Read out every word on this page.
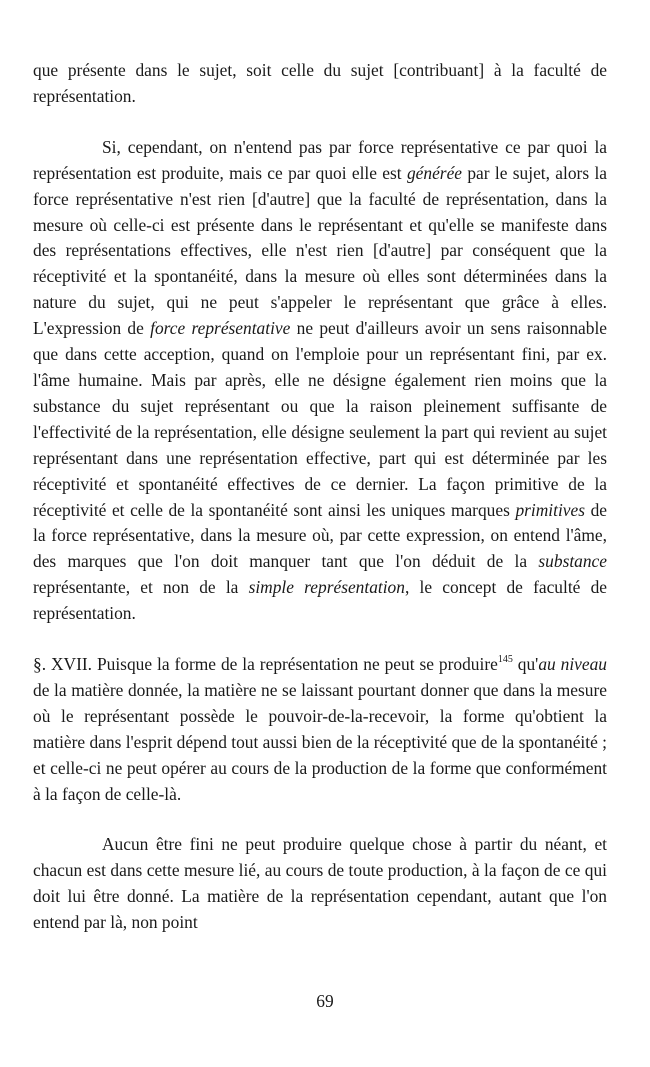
que présente dans le sujet, soit celle du sujet [contribuant] à la faculté de représentation.

Si, cependant, on n'entend pas par force représentative ce par quoi la représentation est produite, mais ce par quoi elle est générée par le sujet, alors la force représentative n'est rien [d'autre] que la faculté de représentation, dans la mesure où celle-ci est présente dans le représentant et qu'elle se manifeste dans des représentations effectives, elle n'est rien [d'autre] par conséquent que la réceptivité et la spontanéité, dans la mesure où elles sont déterminées dans la nature du sujet, qui ne peut s'appeler le représentant que grâce à elles. L'expression de force représentative ne peut d'ailleurs avoir un sens raisonnable que dans cette acception, quand on l'emploie pour un représentant fini, par ex. l'âme humaine. Mais par après, elle ne désigne également rien moins que la substance du sujet représentant ou que la raison pleinement suffisante de l'effectivité de la représentation, elle désigne seulement la part qui revient au sujet représentant dans une représentation effective, part qui est déterminée par les réceptivité et spontanéité effectives de ce dernier. La façon primitive de la réceptivité et celle de la spontanéité sont ainsi les uniques marques primitives de la force représentative, dans la mesure où, par cette expression, on entend l'âme, des marques que l'on doit manquer tant que l'on déduit de la substance représentante, et non de la simple représentation, le concept de faculté de représentation.

§. XVII. Puisque la forme de la représentation ne peut se produire$^{145}$ qu'au niveau de la matière donnée, la matière ne se laissant pourtant donner que dans la mesure où le représentant possède le pouvoir-de-la-recevoir, la forme qu'obtient la matière dans l'esprit dépend tout aussi bien de la réceptivité que de la spontanéité ; et celle-ci ne peut opérer au cours de la production de la forme que conformément à la façon de celle-là.

Aucun être fini ne peut produire quelque chose à partir du néant, et chacun est dans cette mesure lié, au cours de toute production, à la façon de ce qui doit lui être donné. La matière de la représentation cependant, autant que l'on entend par là, non point

69
